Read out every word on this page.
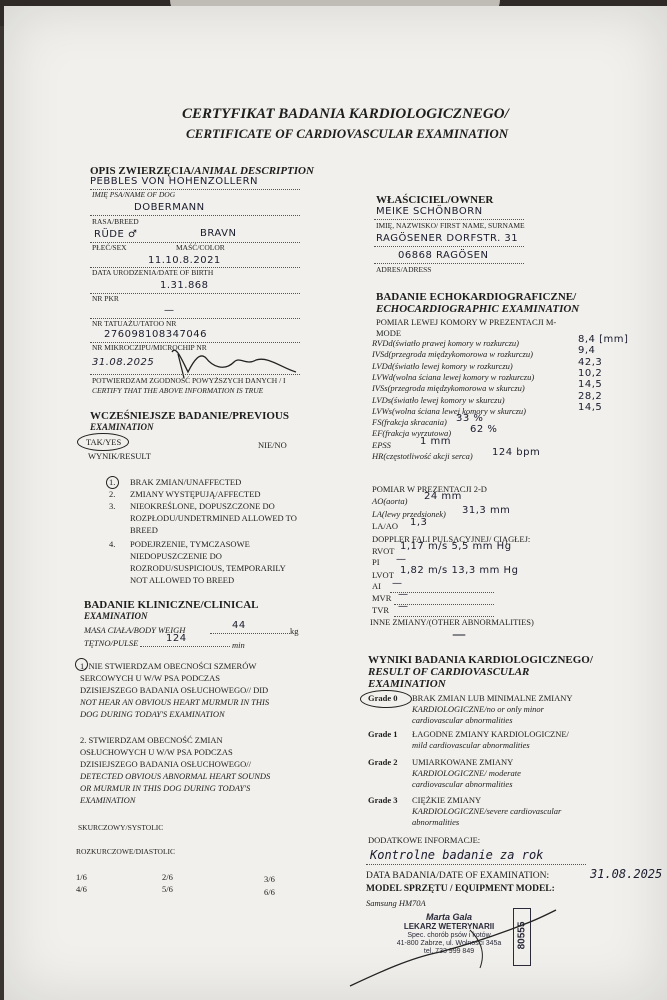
CERTYFIKAT BADANIA KARDIOLOGICZNEGO/
CERTIFICATE OF CARDIOVASCULAR EXAMINATION
OPIS ZWIERZĘCIA/ANIMAL DESCRIPTION
PEBBLES VON HOHENZOLLERN
IMIĘ PSA/NAME OF DOG
DOBERMANN
RASA/BREED
RÜDE ♂	BRAVN
PŁEĆ/SEX	MAŚĆ/COLOR
11.10.8.2021
DATA URODZENIA/DATE OF BIRTH
1.31.868
NR PKR
—
NR TATUAŻU/TATOO NR
276098108347046
NR MIKROCZIPU/MICROCHIP NR
31.08.2025
POTWIERDZAM ZGODNOŚĆ POWYŻSZYCH DANYCH / I
CERTIFY THAT THE ABOVE INFORMATION IS TRUE
WCZEŚNIEJSZE BADANIE/PREVIOUS
EXAMINATION
TAK/YES	NIE/NO
WYNIK/RESULT
1. BRAK ZMIAN/UNAFFECTED
2. ZMIANY WYSTĘPUJĄ/AFFECTED
3. NIEOKREŚLONE, DOPUSZCZONE DO
ROZPŁODU/UNDETRMINED ALLOWED TO
BREED
4. PODEJRZENIE, TYMCZASOWE
NIEDOPUSZCZENIE DO
ROZRODU/SUSPICIOUS, TEMPORARILY
NOT ALLOWED TO BREED
BADANIE KLINICZNE/CLINICAL
EXAMINATION
MASA CIAŁA/BODY WEIGH	44	kg
TĘTNO/PULSE	124
min
1. NIE STWIERDZAM OBECNOŚCI SZMERÓW
SERCOWYCH U W/W PSA PODCZAS
DZISIEJSZEGO BADANIA OSŁUCHOWEGO// DID
NOT HEAR AN OBVIOUS HEART MURMUR IN THIS
DOG DURING TODAY'S EXAMINATION
2. STWIERDZAM OBECNOŚĆ ZMIAN
OSŁUCHOWYCH U W/W PSA PODCZAS
DZISIEJSZEGO BADANIA OSŁUCHOWEGO//
DETECTED OBVIOUS ABNORMAL HEART SOUNDS
OR MURMUR IN THIS DOG DURING TODAY'S
EXAMINATION
SKURCZOWY/SYSTOLIC
ROZKURCZOWE/DIASTOLIC
1/6	2/6	3/6
4/6	5/6	6/6
WŁAŚCICIEL/OWNER
MEIKE SCHÖNBORN
IMIĘ, NAZWISKO/ FIRST NAME, SURNAME
RAGÖSENER DORFSTR. 31
06868 RAGÖSEN
ADRES/ADRESS
BADANIE ECHOKARDIOGRAFICZNE/
ECHOCARDIOGRAPHIC EXAMINATION
POMIAR LEWEJ KOMORY W PREZENTACJI M-
MODE
RVDd(światło prawej komory w rozkurczu)	8,4 [mm]
IVSd(przegroda międzykomorowa w rozkurczu)	9,4
LVDd(światło lewej komory w rozkurczu)	42,3
LVWd(wolna ściana lewej komory w rozkurczu)	10,2
IVSs(przegroda międzykomorowa w skurczu)	14,5
LVDs(światło lewej komory w skurczu)	28,2
LVWs(wolna ściana lewej komory w skurczu)	14,5
FS(frakcja skracania) 33 %
EF(frakcja wyrzutowa) 62 %
EPSS	1 mm
HR(częstotliwość akcji serca) 124 bpm
POMIAR W PREZENTACJI 2-D
AO(aorta) 24 mm
LA(lewy przedsionek) 31,3 mm
LA/AO 1,3
DOPPLER FALI PULSACYJNEJ/ CIĄGŁEJ:
RVOT 1,17 m/s 5,5 mm Hg
PI —
LVOT 1,82 m/s 13,3 mm Hg
AI —
MVR —
TVR —
INNE ZMIANY/(OTHER ABNORMALITIES)
—
WYNIKI BADANIA KARDIOLOGICZNEGO/
RESULT OF CARDIOVASCULAR
EXAMINATION
Grade 0 BRAK ZMIAN LUB MINIMALNE ZMIANY
KARDIOLOGICZNE/no or only minor
cardiovascular abnormalities
Grade 1 ŁAGODNE ZMIANY KARDIOLOGICZNE/
mild cardiovascular abnormalities
Grade 2 UMIARKOWANE ZMIANY
KARDIOLOGICZNE/ moderate
cardiovascular abnormalities
Grade 3 CIĘŻKIE ZMIANY
KARDIOLOGICZNE/severe cardiovascular
abnormalities
DODATKOWE INFORMACJE:
Kontrolne badanie za rok
DATA BADANIA/DATE OF EXAMINATION:	31.08.2025
MODEL SPRZĘTU / EQUIPMENT MODEL:
Samsung HM70A
Marta Gala
LEKARZ WETERYNARII
Spec. chorób psów i kotów
41-800 Zabrze, ul. Wolności 345a
tel. 733 999 849
80555
